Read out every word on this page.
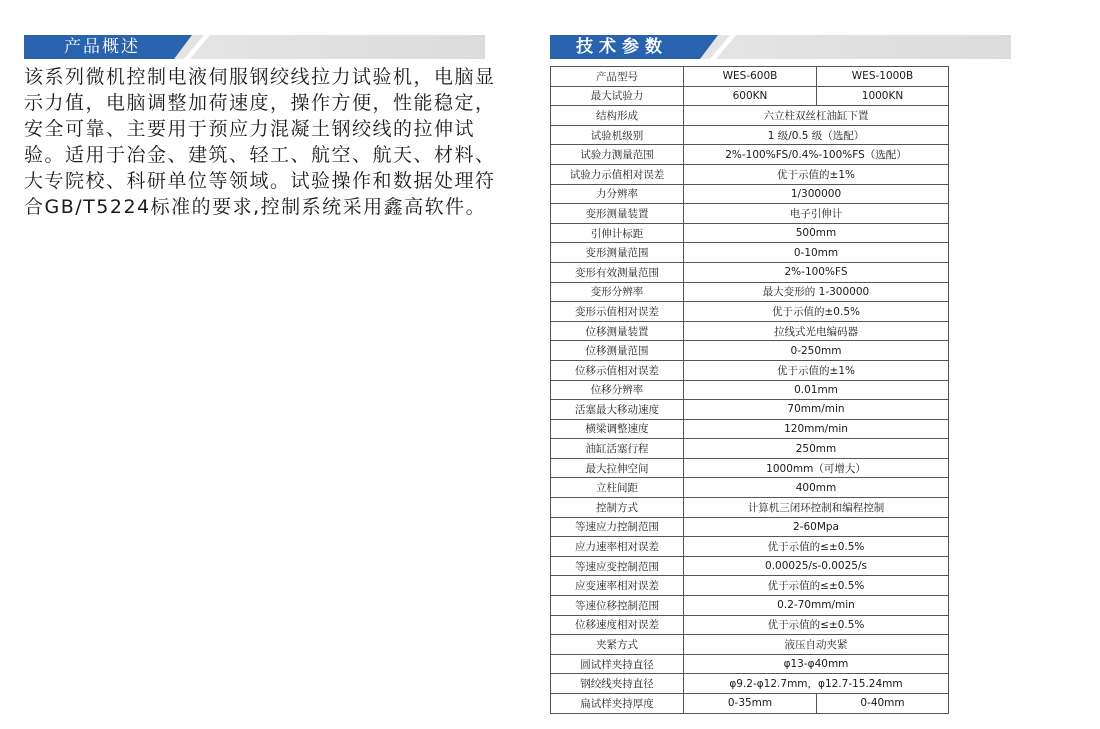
产品概述

该系列微机控制电液伺服钢绞线拉力试验机，电脑显示力值，电脑调整加荷速度，操作方便，性能稳定，安全可靠、主要用于预应力混凝土钢绞线的拉伸试验。适用于冶金、建筑、轻工、航空、航天、材料、大专院校、科研单位等领域。试验操作和数据处理符合GB/T5224标准的要求,控制系统采用鑫高软件。

技术参数
产品型号	WES-600B	WES-1000B
最大试验力	600KN	1000KN
结构形成	六立柱双丝杠油缸下置	
试验机级别	1 级/0.5 级（选配）	
试验力测量范围	2%-100%FS/0.4%-100%FS（选配）	
试验力示值相对误差	优于示值的±1%	
力分辨率	1/300000	
变形测量装置	电子引伸计	
引伸计标距	500mm	
变形测量范围	0-10mm	
变形有效测量范围	2%-100%FS	
变形分辨率	最大变形的 1-300000	
变形示值相对误差	优于示值的±0.5%	
位移测量装置	拉线式光电编码器	
位移测量范围	0-250mm	
位移示值相对误差	优于示值的±1%	
位移分辨率	0.01mm	
活塞最大移动速度	70mm/min	
横梁调整速度	120mm/min	
油缸活塞行程	250mm	
最大拉伸空间	1000mm（可增大）	
立柱间距	400mm	
控制方式	计算机三闭环控制和编程控制	
等速应力控制范围	2-60Mpa	
应力速率相对误差	优于示值的≤±0.5%	
等速应变控制范围	0.00025/s-0.0025/s	
应变速率相对误差	优于示值的≤±0.5%	
等速位移控制范围	0.2-70mm/min	
位移速度相对误差	优于示值的≤±0.5%	
夹紧方式	液压自动夹紧	
圆试样夹持直径	φ13-φ40mm	
钢绞线夹持直径	φ9.2-φ12.7mm，φ12.7-15.24mm	
扁试样夹持厚度	0-35mm	0-40mm
